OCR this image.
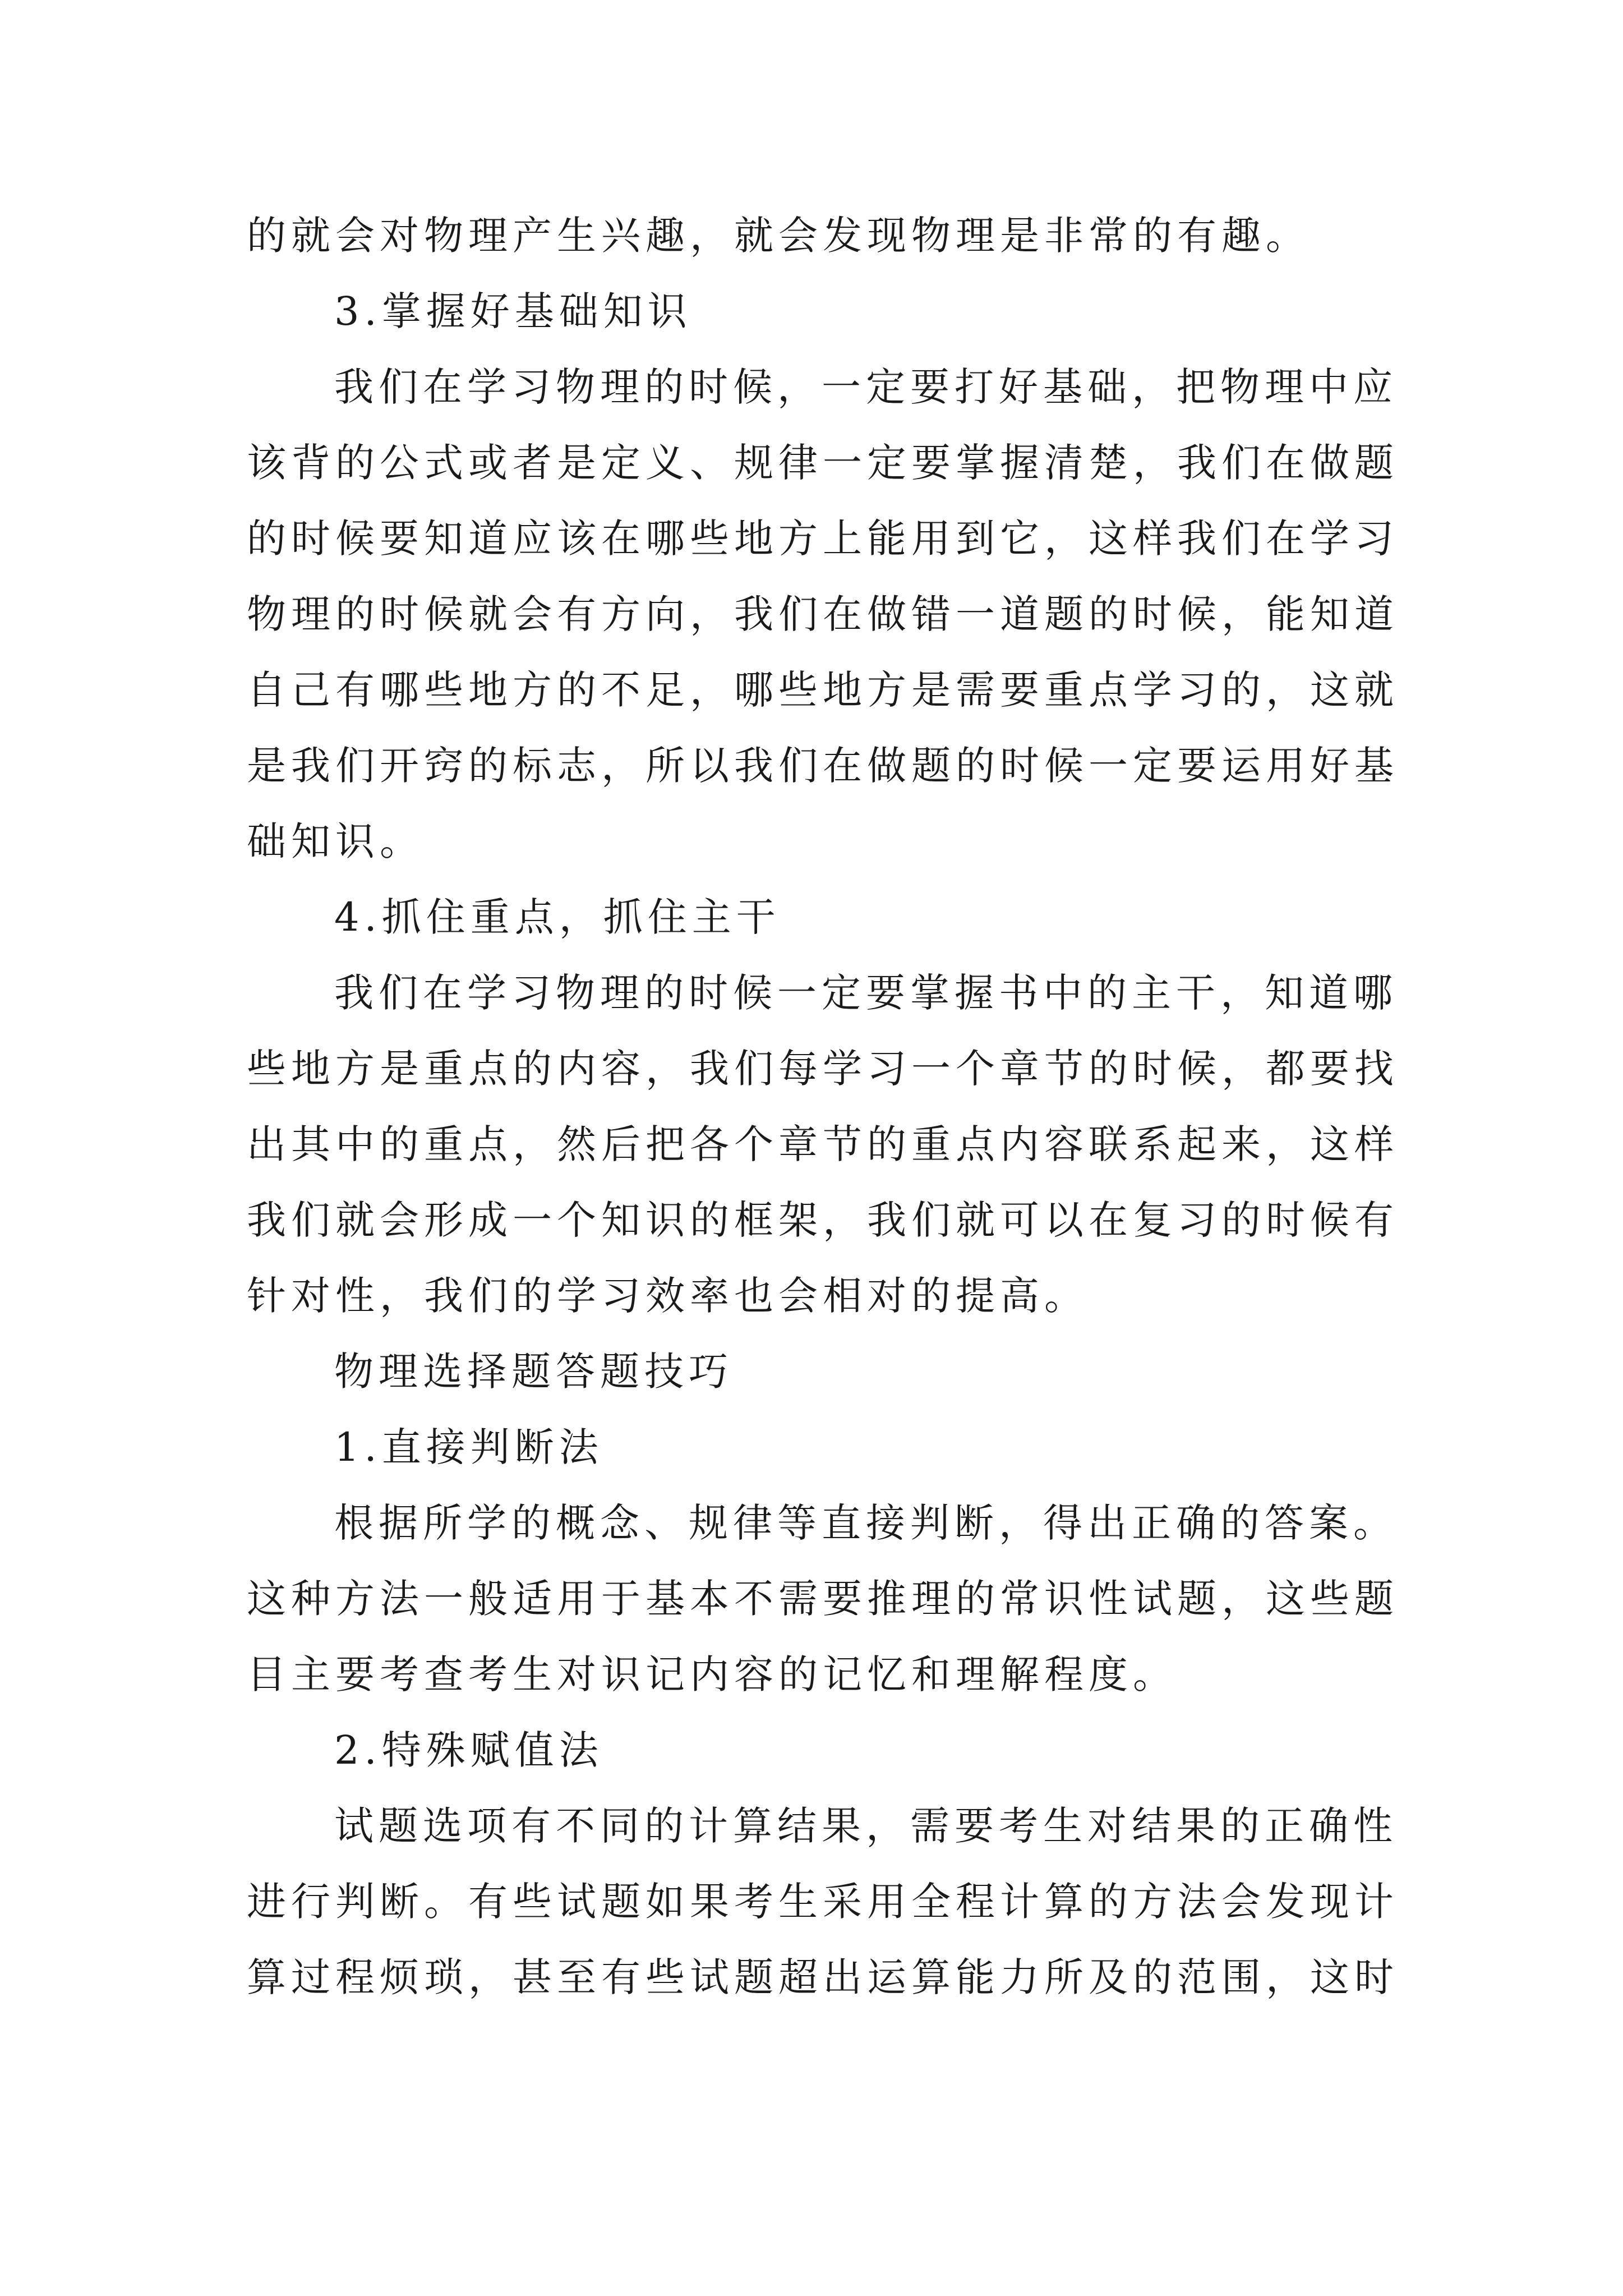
的就会对物理产生兴趣，就会发现物理是非常的有趣。
3.掌握好基础知识
我们在学习物理的时候，一定要打好基础，把物理中应
该背的公式或者是定义、规律一定要掌握清楚，我们在做题
的时候要知道应该在哪些地方上能用到它，这样我们在学习
物理的时候就会有方向，我们在做错一道题的时候，能知道
自己有哪些地方的不足，哪些地方是需要重点学习的，这就
是我们开窍的标志，所以我们在做题的时候一定要运用好基
础知识。
4.抓住重点，抓住主干
我们在学习物理的时候一定要掌握书中的主干，知道哪
些地方是重点的内容，我们每学习一个章节的时候，都要找
出其中的重点，然后把各个章节的重点内容联系起来，这样
我们就会形成一个知识的框架，我们就可以在复习的时候有
针对性，我们的学习效率也会相对的提高。
物理选择题答题技巧
1.直接判断法
根据所学的概念、规律等直接判断，得出正确的答案。
这种方法一般适用于基本不需要推理的常识性试题，这些题
目主要考查考生对识记内容的记忆和理解程度。
2.特殊赋值法
试题选项有不同的计算结果，需要考生对结果的正确性
进行判断。有些试题如果考生采用全程计算的方法会发现计
算过程烦琐，甚至有些试题超出运算能力所及的范围，这时
